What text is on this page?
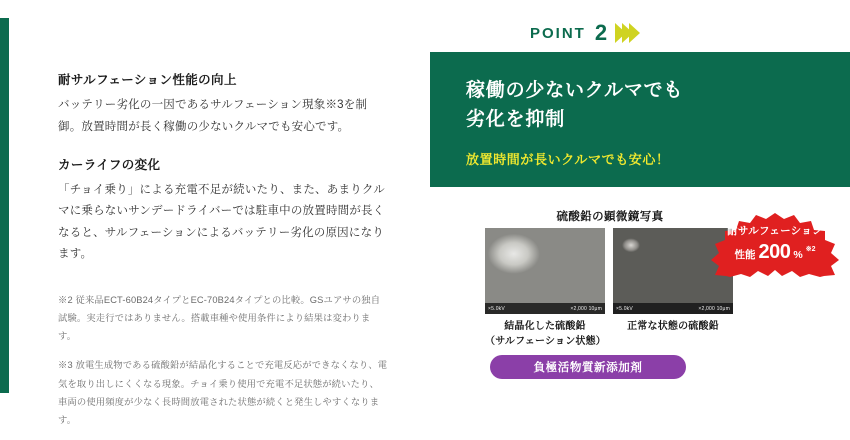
耐サルフェーション性能の向上

バッテリー劣化の一因であるサルフェーション現象※3を制御。放置時間が長く稼働の少ないクルマでも安心です。

カーライフの変化

「チョイ乗り」による充電不足が続いたり、また、あまりクルマに乗らないサンデードライバーでは駐車中の放置時間が長くなると、サルフェーションによるバッテリー劣化の原因になります。

※2 従来品ECT-60B24タイプとEC-70B24タイプとの比較。GSユアサの独自試験。実走行ではありません。搭載車種や使用条件により結果は変わります。

※3 放電生成物である硫酸鉛が結晶化することで充電反応ができなくなり、電気を取り出しにくくなる現象。チョイ乗り使用で充電不足状態が続いたり、車両の使用頻度が少なく長時間放電された状態が続くと発生しやすくなります。

POINT 2
稼働の少ないクルマでも
劣化を抑制
放置時間が長いクルマでも安心！
硫酸鉛の顕微鏡写真
×5.0kV	×2,000 10μm
結晶化した硫酸鉛
（サルフェーション状態）
×5.0kV	×2,000 10μm
正常な状態の硫酸鉛
負極活物質新添加剤
耐サルフェーション
性能 200 % ※2
